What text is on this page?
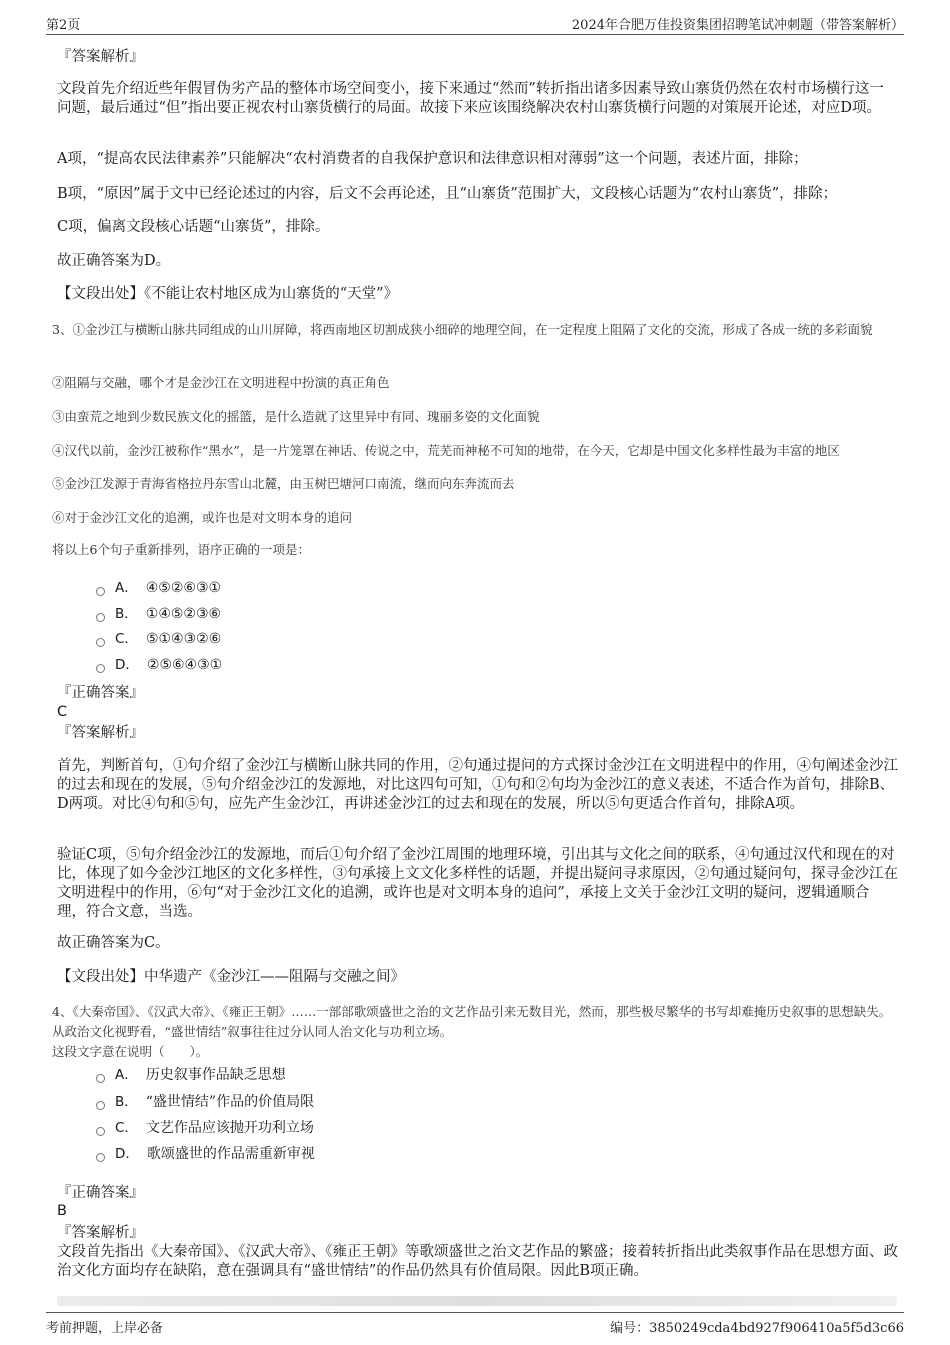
第2页	2024年合肥万佳投资集团招聘笔试冲刺题（带答案解析）
『答案解析』
文段首先介绍近些年假冒伪劣产品的整体市场空间变小，接下来通过“然而”转折指出诸多因素导致山寨货仍然在农村市场横行这一问题，最后通过“但”指出要正视农村山寨货横行的局面。故接下来应该围绕解决农村山寨货横行问题的对策展开论述，对应D项。
A项，“提高农民法律素养”只能解决“农村消费者的自我保护意识和法律意识相对薄弱”这一个问题，表述片面，排除；
B项，“原因”属于文中已经论述过的内容，后文不会再论述，且“山寨货”范围扩大，文段核心话题为“农村山寨货”，排除；
C项，偏离文段核心话题“山寨货”，排除。
故正确答案为D。
【文段出处】《不能让农村地区成为山寨货的“天堂”》
3、①金沙江与横断山脉共同组成的山川屏障，将西南地区切割成狭小细碎的地理空间，在一定程度上阻隔了文化的交流，形成了各成一统的多彩面貌
②阻隔与交融，哪个才是金沙江在文明进程中扮演的真正角色
③由蛮荒之地到少数民族文化的摇篮，是什么造就了这里异中有同、瑰丽多姿的文化面貌
④汉代以前，金沙江被称作“黑水”，是一片笼罩在神话、传说之中，荒芜而神秘不可知的地带，在今天，它却是中国文化多样性最为丰富的地区
⑤金沙江发源于青海省格拉丹东雪山北麓，由玉树巴塘河口南流，继而向东奔流而去
⑥对于金沙江文化的追溯，或许也是对文明本身的追问
将以上6个句子重新排列，语序正确的一项是：
A． ④⑤②⑥③①
B． ①④⑤②③⑥
C． ⑤①④③②⑥
D． ②⑤⑥④③①
『正确答案』
C
『答案解析』
首先，判断首句，①句介绍了金沙江与横断山脉共同的作用，②句通过提问的方式探讨金沙江在文明进程中的作用，④句阐述金沙江的过去和现在的发展，⑤句介绍金沙江的发源地，对比这四句可知，①句和②句均为金沙江的意义表述，不适合作为首句，排除B、D两项。对比④句和⑤句，应先产生金沙江，再讲述金沙江的过去和现在的发展，所以⑤句更适合作首句，排除A项。
验证C项，⑤句介绍金沙江的发源地，而后①句介绍了金沙江周围的地理环境，引出其与文化之间的联系，④句通过汉代和现在的对比，体现了如今金沙江地区的文化多样性，③句承接上文文化多样性的话题，并提出疑问寻求原因，②句通过疑问句，探寻金沙江在文明进程中的作用，⑥句“对于金沙江文化的追溯，或许也是对文明本身的追问”，承接上文关于金沙江文明的疑问，逻辑通顺合理，符合文意，当选。
故正确答案为C。
【文段出处】中华遗产《金沙江——阻隔与交融之间》
4、《大秦帝国》、《汉武大帝》、《雍正王朝》……一部部歌颂盛世之治的文艺作品引来无数目光，然而，那些极尽繁华的书写却难掩历史叙事的思想缺失。从政治文化视野看，“盛世情结”叙事往往过分认同人治文化与功利立场。
这段文字意在说明（　　）。
A． 历史叙事作品缺乏思想
B． “盛世情结”作品的价值局限
C． 文艺作品应该抛开功利立场
D． 歌颂盛世的作品需重新审视
『正确答案』
B
『答案解析』
文段首先指出《大秦帝国》、《汉武大帝》、《雍正王朝》等歌颂盛世之治文艺作品的繁盛；接着转折指出此类叙事作品在思想方面、政治文化方面均存在缺陷，意在强调具有“盛世情结”的作品仍然具有价值局限。因此B项正确。
考前押题，上岸必备	编号：3850249cda4bd927f906410a5f5d3c66
